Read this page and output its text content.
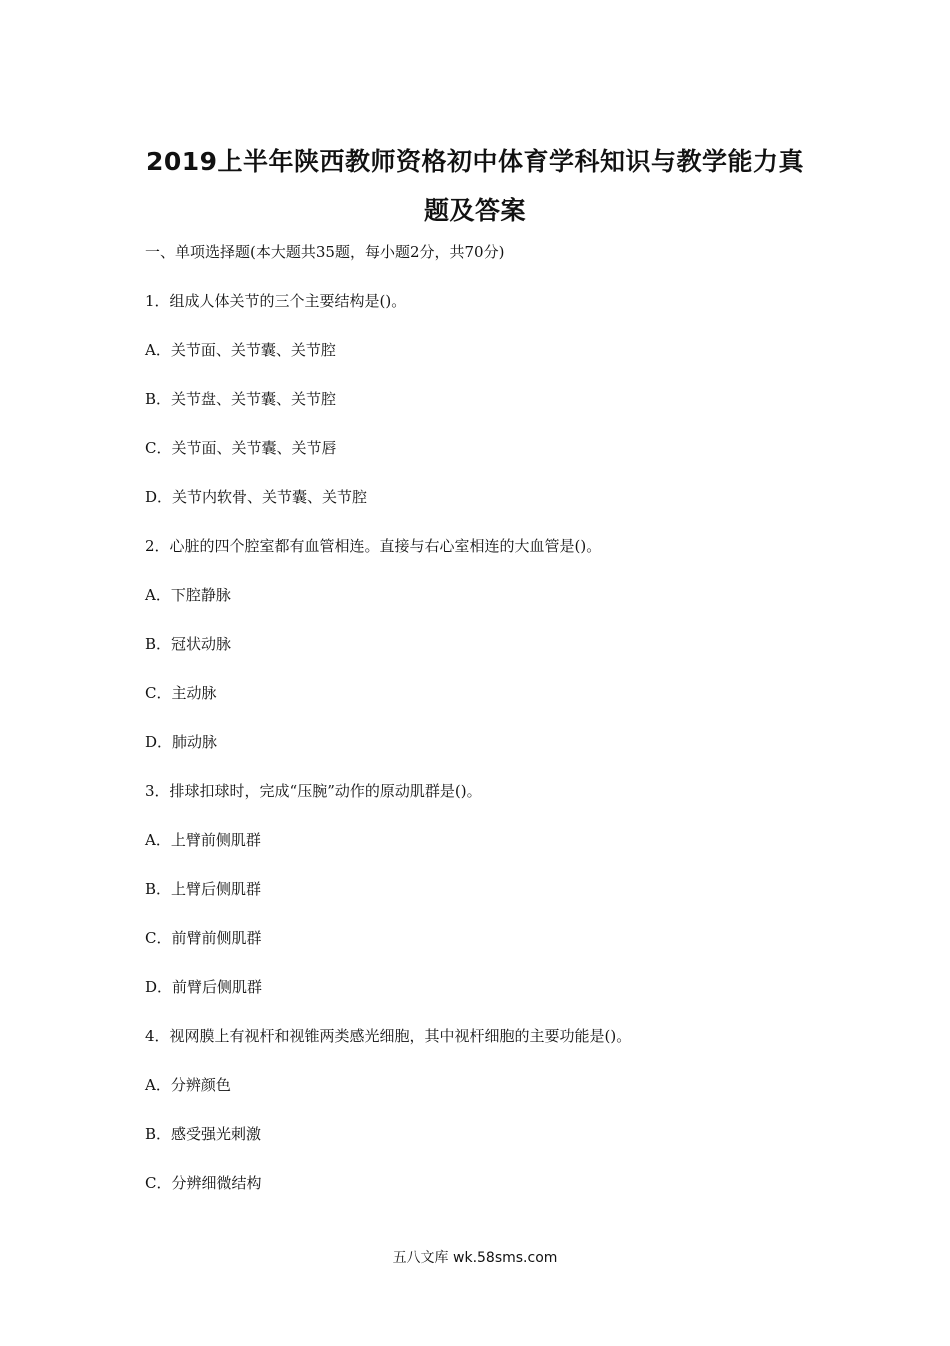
2019上半年陕西教师资格初中体育学科知识与教学能力真
题及答案
一、单项选择题(本大题共35题，每小题2分，共70分)
1．组成人体关节的三个主要结构是()。
A．关节面、关节囊、关节腔
B．关节盘、关节囊、关节腔
C．关节面、关节囊、关节唇
D．关节内软骨、关节囊、关节腔
2．心脏的四个腔室都有血管相连。直接与右心室相连的大血管是()。
A．下腔静脉
B．冠状动脉
C．主动脉
D．肺动脉
3．排球扣球时，完成“压腕”动作的原动肌群是()。
A．上臂前侧肌群
B．上臂后侧肌群
C．前臂前侧肌群
D．前臂后侧肌群
4．视网膜上有视杆和视锥两类感光细胞，其中视杆细胞的主要功能是()。
A．分辨颜色
B．感受强光刺激
C．分辨细微结构
五八文库 wk.58sms.com
